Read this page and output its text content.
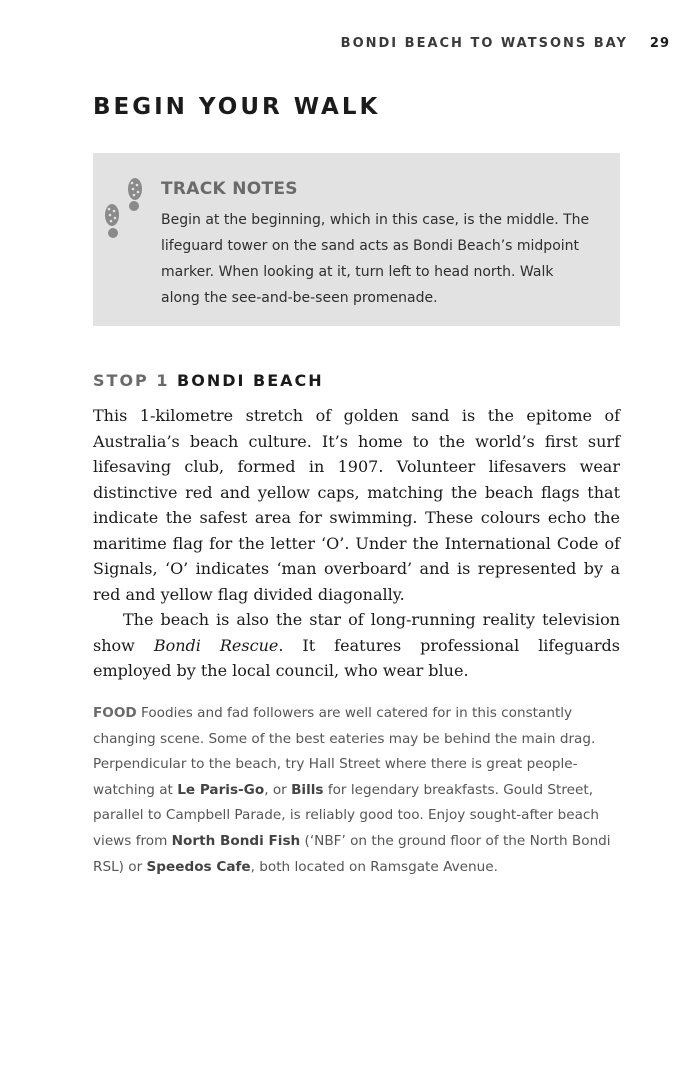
BONDI BEACH TO WATSONS BAY 29
BEGIN YOUR WALK
TRACK NOTES
Begin at the beginning, which in this case, is the middle. The lifeguard tower on the sand acts as Bondi Beach’s midpoint marker. When looking at it, turn left to head north. Walk along the see-and-be-seen promenade.
STOP 1 BONDI BEACH

This 1-kilometre stretch of golden sand is the epitome of Australia’s beach culture. It’s home to the world’s first surf lifesaving club, formed in 1907. Volunteer lifesavers wear distinctive red and yellow caps, matching the beach flags that indicate the safest area for swimming. These colours echo the maritime flag for the letter ‘O’. Under the International Code of Signals, ‘O’ indicates ‘man overboard’ and is represented by a red and yellow flag divided diagonally.

The beach is also the star of long-running reality television show Bondi Rescue. It features professional lifeguards employed by the local council, who wear blue.

FOOD Foodies and fad followers are well catered for in this constantly changing scene. Some of the best eateries may be behind the main drag. Perpendicular to the beach, try Hall Street where there is great people-watching at Le Paris-Go, or Bills for legendary breakfasts. Gould Street, parallel to Campbell Parade, is reliably good too. Enjoy sought-after beach views from North Bondi Fish (‘NBF’ on the ground floor of the North Bondi RSL) or Speedos Cafe, both located on Ramsgate Avenue.
